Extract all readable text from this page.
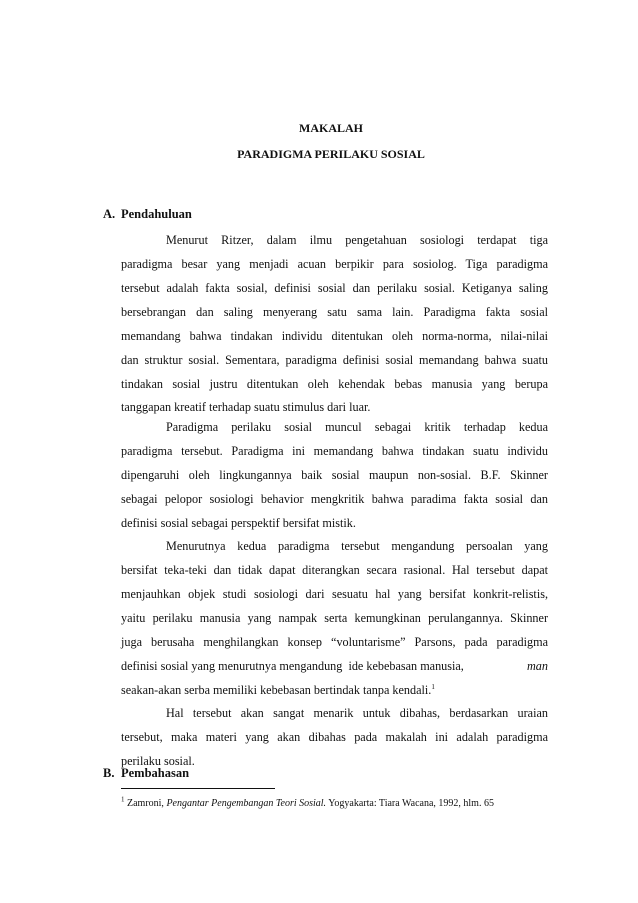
MAKALAH
PARADIGMA PERILAKU SOSIAL
A. Pendahuluan
Menurut Ritzer, dalam ilmu pengetahuan sosiologi terdapat tiga
paradigma besar yang menjadi acuan berpikir para sosiolog. Tiga paradigma
tersebut adalah fakta sosial, definisi sosial dan perilaku sosial. Ketiganya saling
bersebrangan dan saling menyerang satu sama lain. Paradigma fakta sosial
memandang bahwa tindakan individu ditentukan oleh norma-norma, nilai-nilai
dan struktur sosial. Sementara, paradigma definisi sosial memandang bahwa suatu
tindakan sosial justru ditentukan oleh kehendak bebas manusia yang berupa
tanggapan kreatif terhadap suatu stimulus dari luar.
Paradigma perilaku sosial muncul sebagai kritik terhadap kedua
paradigma tersebut. Paradigma ini memandang bahwa tindakan suatu individu
dipengaruhi oleh lingkungannya baik sosial maupun non-sosial. B.F. Skinner
sebagai pelopor sosiologi behavior mengkritik bahwa paradima fakta sosial dan
definisi sosial sebagai perspektif bersifat mistik.
Menurutnya kedua paradigma tersebut mengandung persoalan yang
bersifat teka-teki dan tidak dapat diterangkan secara rasional. Hal tersebut dapat
menjauhkan objek studi sosiologi dari sesuatu hal yang bersifat konkrit-relistis,
yaitu perilaku manusia yang nampak serta kemungkinan perulangannya. Skinner
juga berusaha menghilangkan konsep “voluntarisme” Parsons, pada paradigma
definisi sosial yang menurutnya mengandung  ide kebebasan manusia,	man
seakan-akan serba memiliki kebebasan bertindak tanpa kendali.$^1$
Hal tersebut akan sangat menarik untuk dibahas, berdasarkan uraian
tersebut, maka materi yang akan dibahas pada makalah ini adalah paradigma
perilaku sosial.
B. Pembahasan
$^1$ Zamroni, Pengantar Pengembangan Teori Sosial. Yogyakarta: Tiara Wacana, 1992, hlm. 65
